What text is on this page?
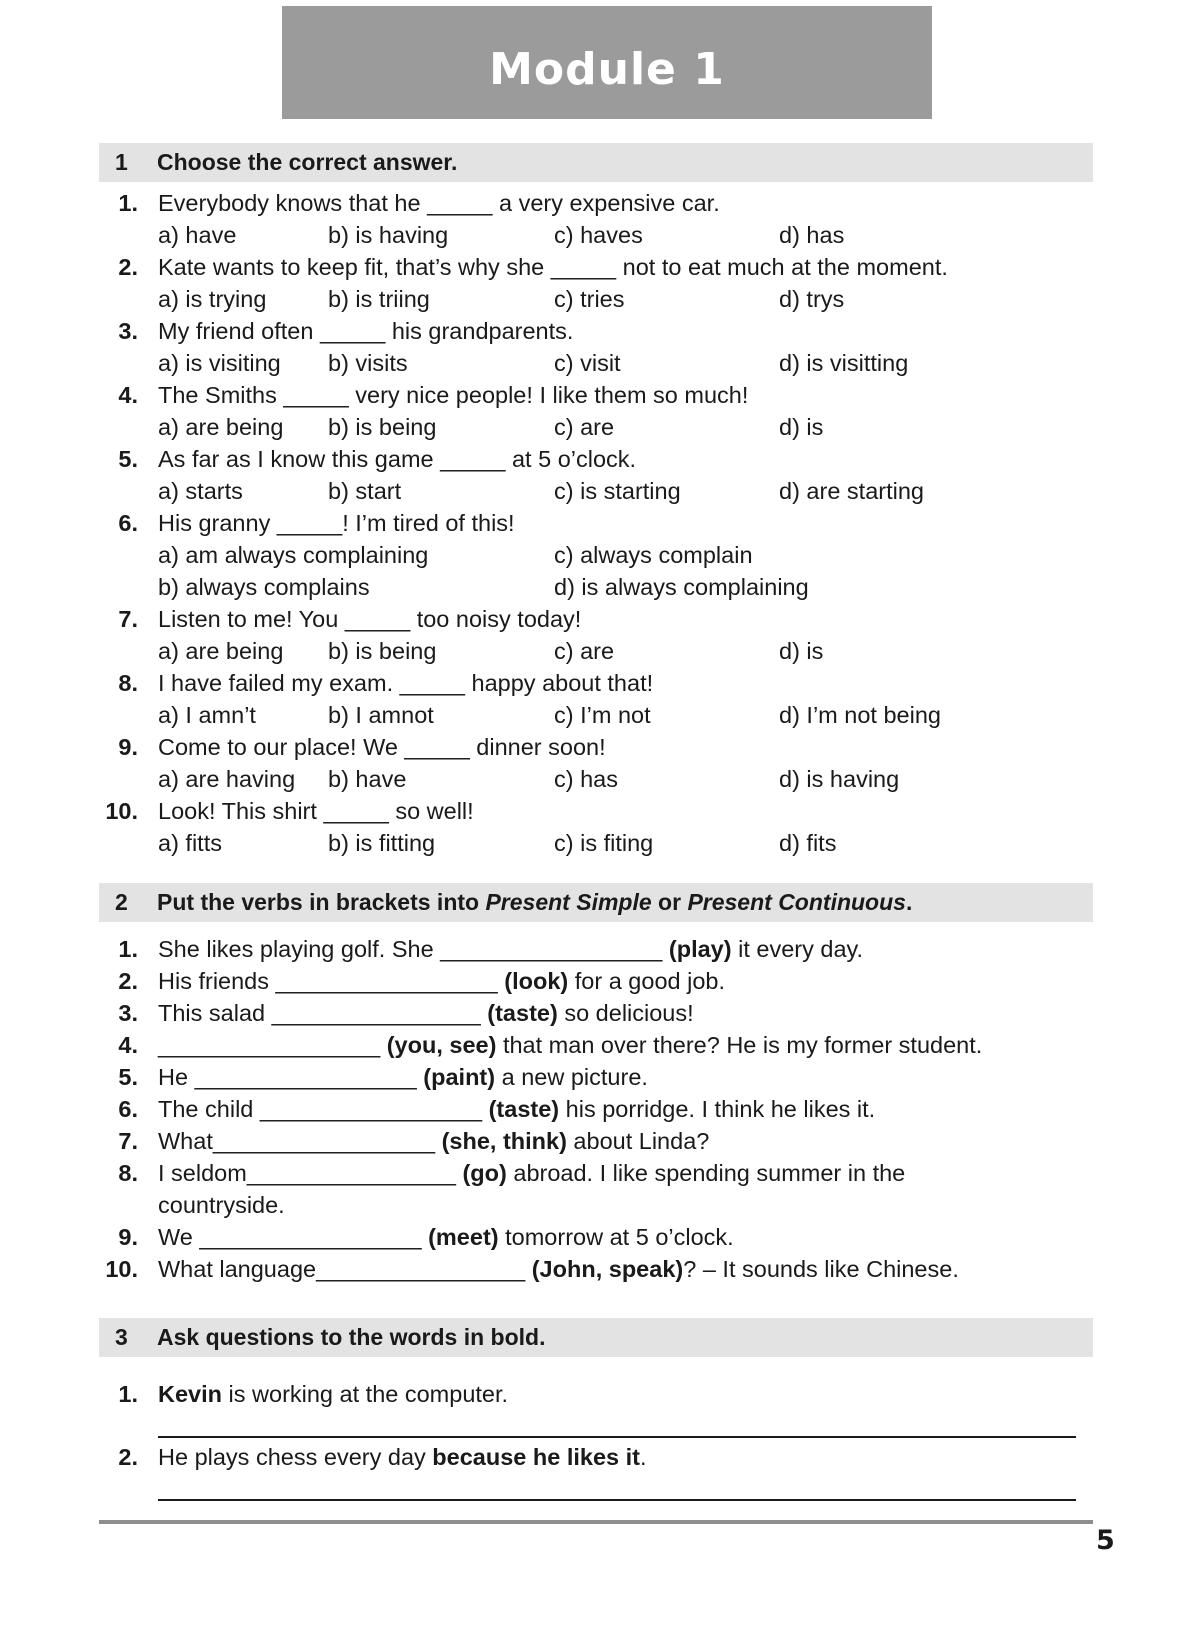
Module 1
1	Choose the correct answer.
1. Everybody knows that he _____ a very expensive car.
a) have	b) is having	c) haves	d) has
2. Kate wants to keep fit, that’s why she _____ not to eat much at the moment.
a) is trying	b) is triing	c) tries	d) trys
3. My friend often _____ his grandparents.
a) is visiting b) visits	c) visit	d) is visitting
4. The Smiths _____ very nice people! I like them so much!
a) are being b) is being	c) are	d) is
5. As far as I know this game _____ at 5 o’clock.
a) starts	b) start	c) is starting	d) are starting
6. His granny _____! I’m tired of this!
a) am always complaining	c) always complain
b) always complains	d) is always complaining
7. Listen to me! You _____ too noisy today!
a) are being b) is being	c) are	d) is
8. I have failed my exam. _____ happy about that!
a) I amn’t	b) I amnot	c) I’m not	d) I’m not being
9. Come to our place! We _____ dinner soon!
a) are having b) have	c) has	d) is having
10. Look! This shirt _____ so well!
a) fitts	b) is fitting	c) is fiting	d) fits
2	Put the verbs in brackets into Present Simple or Present Continuous.
1. She likes playing golf. She _________________ (play) it every day.
2. His friends _________________ (look) for a good job.
3. This salad ________________ (taste) so delicious!
4. _________________ (you, see) that man over there? He is my former student.
5. He _________________ (paint) a new picture.
6. The child _________________ (taste) his porridge. I think he likes it.
7. What_________________ (she, think) about Linda?
8. I seldom________________ (go) abroad. I like spending summer in the
countryside.
9. We _________________ (meet) tomorrow at 5 o’clock.
10. What language________________ (John, speak)? – It sounds like Chinese.
3	Ask questions to the words in bold.
1. Kevin is working at the computer.
2. He plays chess every day because he likes it.
5
